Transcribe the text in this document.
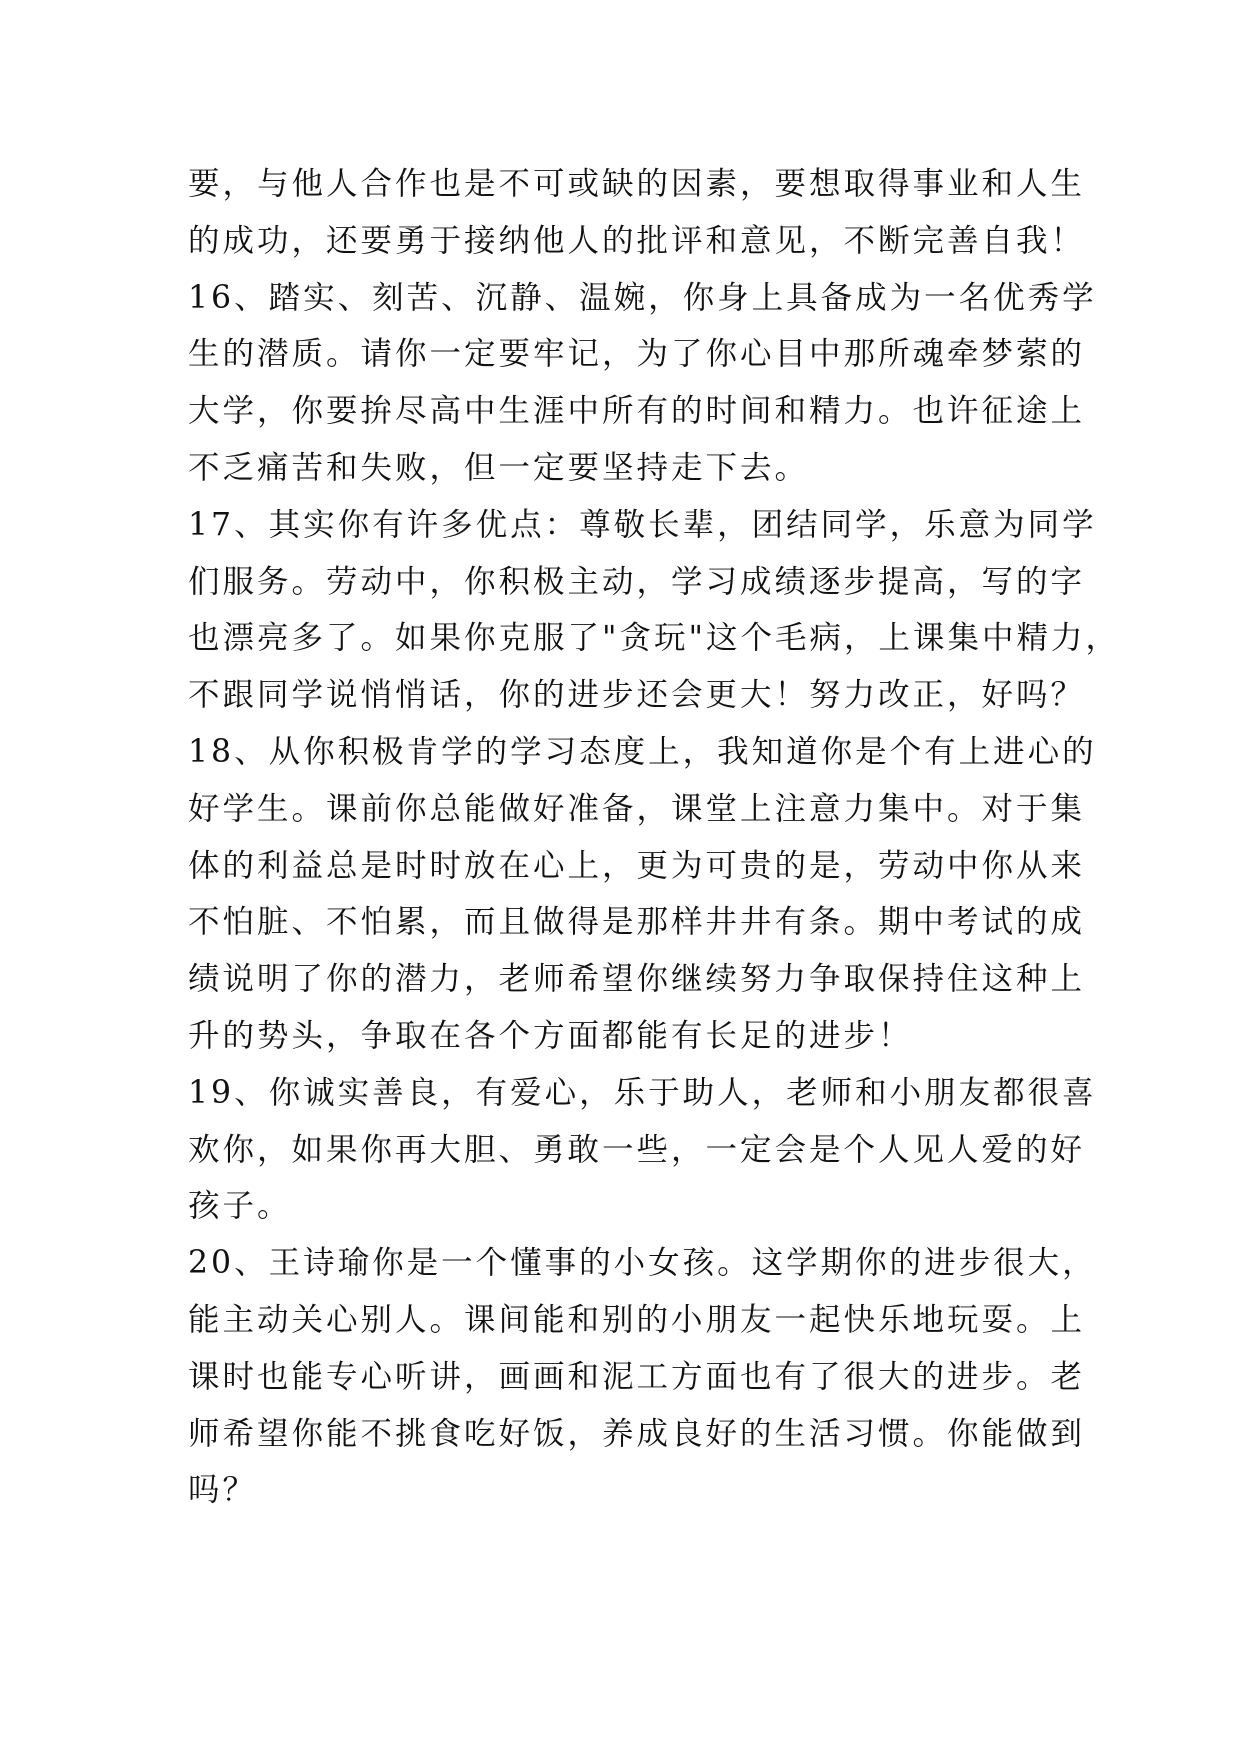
要，与他人合作也是不可或缺的因素，要想取得事业和人生
的成功，还要勇于接纳他人的批评和意见，不断完善自我！
16、踏实、刻苦、沉静、温婉，你身上具备成为一名优秀学
生的潜质。请你一定要牢记，为了你心目中那所魂牵梦萦的
大学，你要拚尽高中生涯中所有的时间和精力。也许征途上
不乏痛苦和失败，但一定要坚持走下去。
17、其实你有许多优点：尊敬长辈，团结同学，乐意为同学
们服务。劳动中，你积极主动，学习成绩逐步提高，写的字
也漂亮多了。如果你克服了"贪玩"这个毛病，上课集中精力，
不跟同学说悄悄话，你的进步还会更大！努力改正，好吗？
18、从你积极肯学的学习态度上，我知道你是个有上进心的
好学生。课前你总能做好准备，课堂上注意力集中。对于集
体的利益总是时时放在心上，更为可贵的是，劳动中你从来
不怕脏、不怕累，而且做得是那样井井有条。期中考试的成
绩说明了你的潜力，老师希望你继续努力争取保持住这种上
升的势头，争取在各个方面都能有长足的进步！
19、你诚实善良，有爱心，乐于助人，老师和小朋友都很喜
欢你，如果你再大胆、勇敢一些，一定会是个人见人爱的好
孩子。
20、王诗瑜你是一个懂事的小女孩。这学期你的进步很大，
能主动关心别人。课间能和别的小朋友一起快乐地玩耍。上
课时也能专心听讲，画画和泥工方面也有了很大的进步。老
师希望你能不挑食吃好饭，养成良好的生活习惯。你能做到
吗？
